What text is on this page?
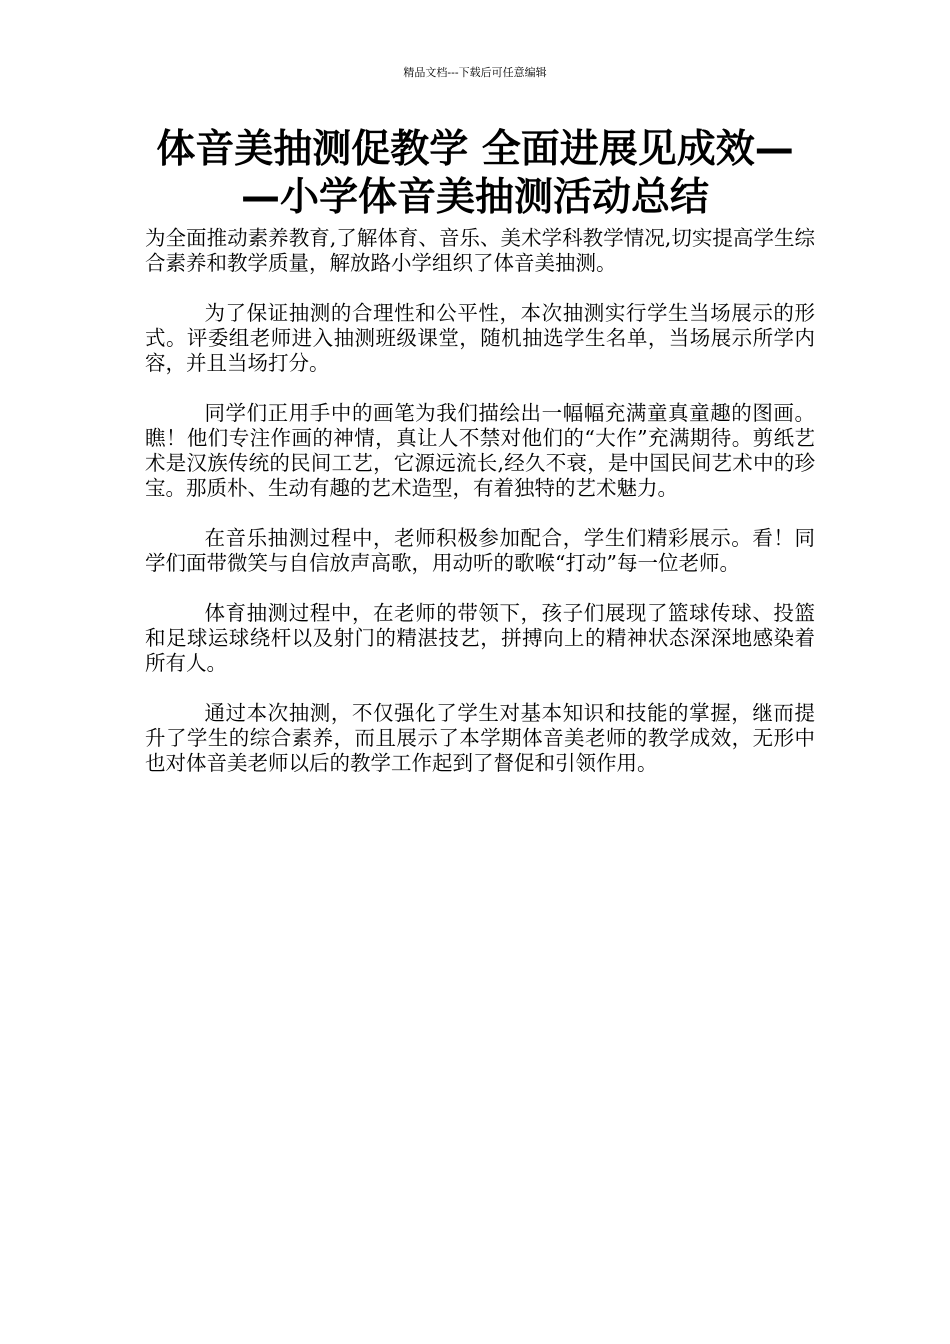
精品文档---下载后可任意编辑
体音美抽测促教学 全面进展见成效—
—小学体音美抽测活动总结

为全面推动素养教育,了解体育、音乐、美术学科教学情况,切实提高学生综合素养和教学质量，解放路小学组织了体音美抽测。

为了保证抽测的合理性和公平性，本次抽测实行学生当场展示的形式。评委组老师进入抽测班级课堂，随机抽选学生名单，当场展示所学内容，并且当场打分。

同学们正用手中的画笔为我们描绘出一幅幅充满童真童趣的图画。瞧！他们专注作画的神情，真让人不禁对他们的“大作”充满期待。剪纸艺术是汉族传统的民间工艺，它源远流长,经久不衰，是中国民间艺术中的珍宝。那质朴、生动有趣的艺术造型，有着独特的艺术魅力。

在音乐抽测过程中，老师积极参加配合，学生们精彩展示。看！同学们面带微笑与自信放声高歌，用动听的歌喉“打动”每一位老师。

体育抽测过程中，在老师的带领下，孩子们展现了篮球传球、投篮和足球运球绕杆以及射门的精湛技艺，拼搏向上的精神状态深深地感染着所有人。

通过本次抽测，不仅强化了学生对基本知识和技能的掌握，继而提升了学生的综合素养，而且展示了本学期体音美老师的教学成效，无形中也对体音美老师以后的教学工作起到了督促和引领作用。
